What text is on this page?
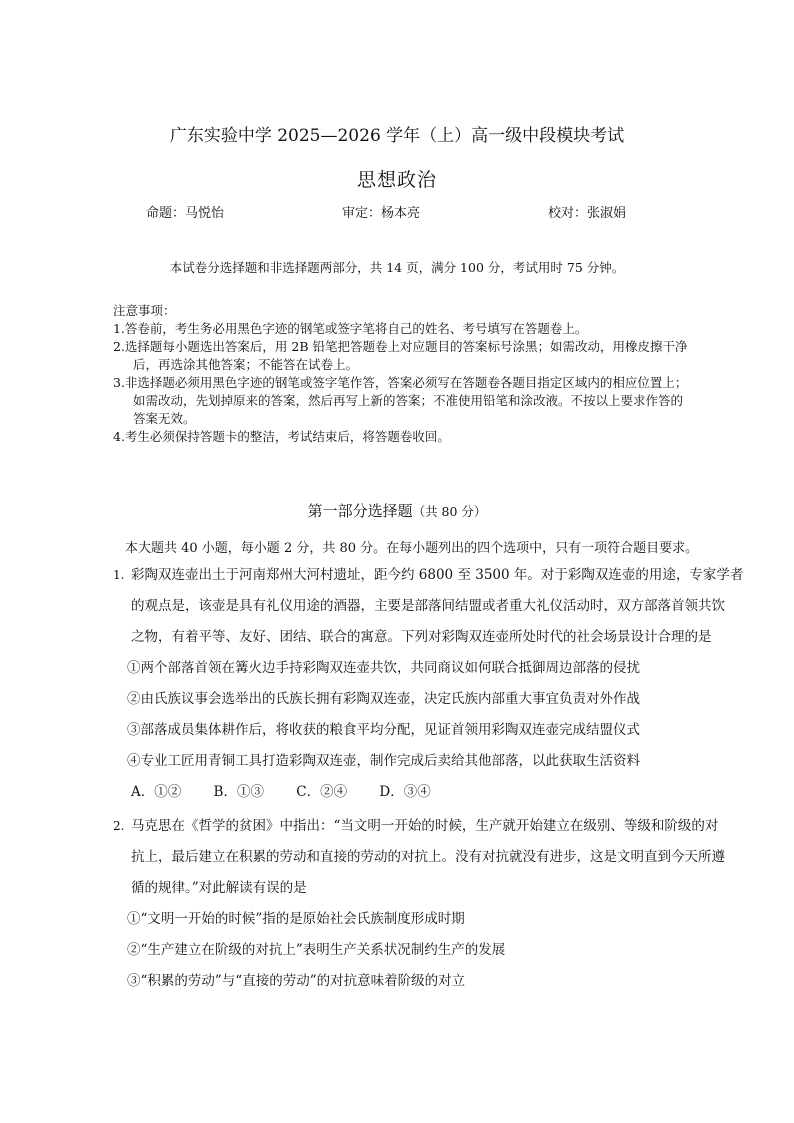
广东实验中学 2025—2026 学年（上）高一级中段模块考试
思想政治
命题：马悦怡	审定：杨本亮	校对：张淑娟
本试卷分选择题和非选择题两部分，共 14 页，满分 100 分，考试用时 75 分钟。
注意事项：
1.答卷前，考生务必用黑色字迹的钢笔或签字笔将自己的姓名、考号填写在答题卷上。
2.选择题每小题选出答案后，用 2B 铅笔把答题卷上对应题目的答案标号涂黑；如需改动，用橡皮擦干净
后，再选涂其他答案；不能答在试卷上。
3.非选择题必须用黑色字迹的钢笔或签字笔作答，答案必须写在答题卷各题目指定区域内的相应位置上；
如需改动，先划掉原来的答案，然后再写上新的答案；不准使用铅笔和涂改液。不按以上要求作答的
答案无效。
4.考生必须保持答题卡的整洁，考试结束后，将答题卷收回。
第一部分选择题（共 80 分）
本大题共 40 小题，每小题 2 分，共 80 分。在每小题列出的四个选项中，只有一项符合题目要求。
1. 彩陶双连壶出土于河南郑州大河村遗址，距今约 6800 至 3500 年。对于彩陶双连壶的用途，专家学者
的观点是，该壶是具有礼仪用途的酒器，主要是部落间结盟或者重大礼仪活动时，双方部落首领共饮
之物，有着平等、友好、团结、联合的寓意。下列对彩陶双连壶所处时代的社会场景设计合理的是
①两个部落首领在篝火边手持彩陶双连壶共饮，共同商议如何联合抵御周边部落的侵扰
②由氏族议事会选举出的氏族长拥有彩陶双连壶，决定氏族内部重大事宜负责对外作战
③部落成员集体耕作后，将收获的粮食平均分配，见证首领用彩陶双连壶完成结盟仪式
④专业工匠用青铜工具打造彩陶双连壶，制作完成后卖给其他部落，以此获取生活资料
A．①② B．①③ C．②④ D．③④
2. 马克思在《哲学的贫困》中指出：“当文明一开始的时候，生产就开始建立在级别、等级和阶级的对
抗上，最后建立在积累的劳动和直接的劳动的对抗上。没有对抗就没有进步，这是文明直到今天所遵
循的规律。”对此解读有误的是
①“文明一开始的时候”指的是原始社会氏族制度形成时期
②“生产建立在阶级的对抗上”表明生产关系状况制约生产的发展
③“积累的劳动”与“直接的劳动”的对抗意味着阶级的对立
